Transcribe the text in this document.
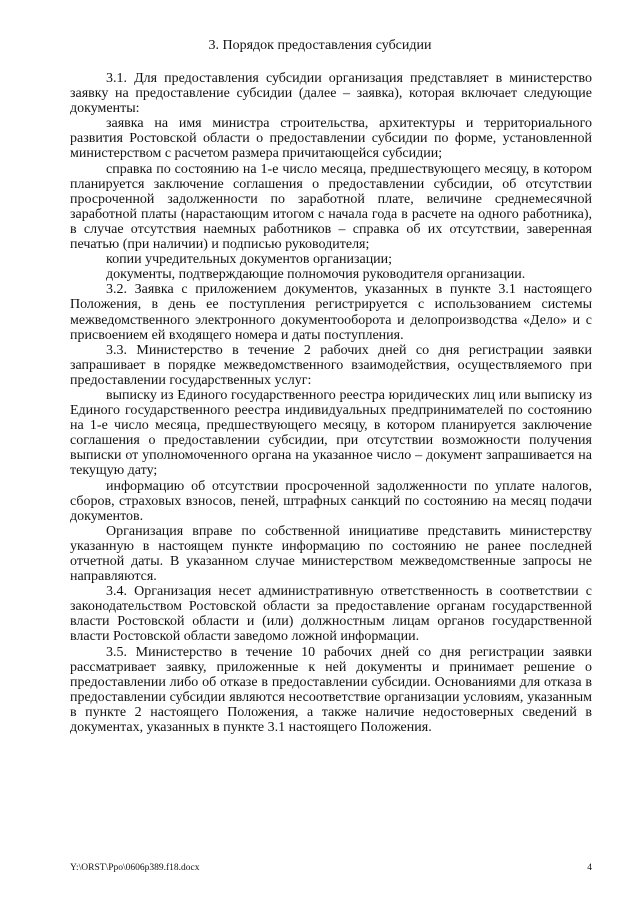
3. Порядок предоставления субсидии

3.1. Для предоставления субсидии организация представляет в министерство заявку на предоставление субсидии (далее – заявка), которая включает следующие документы:

заявка на имя министра строительства, архитектуры и территориального развития Ростовской области о предоставлении субсидии по форме, установленной министерством с расчетом размера причитающейся субсидии;

справка по состоянию на 1-е число месяца, предшествующего месяцу, в котором планируется заключение соглашения о предоставлении субсидии, об отсутствии просроченной задолженности по заработной плате, величине среднемесячной заработной платы (нарастающим итогом с начала года в расчете на одного работника), в случае отсутствия наемных работников – справка об их отсутствии, заверенная печатью (при наличии) и подписью руководителя;

копии учредительных документов организации;

документы, подтверждающие полномочия руководителя организации.

3.2. Заявка с приложением документов, указанных в пункте 3.1 настоящего Положения, в день ее поступления регистрируется с использованием системы межведомственного электронного документооборота и делопроизводства «Дело» и с присвоением ей входящего номера и даты поступления.

3.3. Министерство в течение 2 рабочих дней со дня регистрации заявки запрашивает в порядке межведомственного взаимодействия, осуществляемого при предоставлении государственных услуг:

выписку из Единого государственного реестра юридических лиц или выписку из Единого государственного реестра индивидуальных предпринимателей по состоянию на 1-е число месяца, предшествующего месяцу, в котором планируется заключение соглашения о предоставлении субсидии, при отсутствии возможности получения выписки от уполномоченного органа на указанное число – документ запрашивается на текущую дату;

информацию об отсутствии просроченной задолженности по уплате налогов, сборов, страховых взносов, пеней, штрафных санкций по состоянию на месяц подачи документов.

Организация вправе по собственной инициативе представить министерству указанную в настоящем пункте информацию по состоянию не ранее последней отчетной даты. В указанном случае министерством межведомственные запросы не направляются.

3.4. Организация несет административную ответственность в соответствии с законодательством Ростовской области за предоставление органам государственной власти Ростовской области и (или) должностным лицам органов государственной власти Ростовской области заведомо ложной информации.

3.5. Министерство в течение 10 рабочих дней со дня регистрации заявки рассматривает заявку, приложенные к ней документы и принимает решение о предоставлении либо об отказе в предоставлении субсидии. Основаниями для отказа в предоставлении субсидии являются несоответствие организации условиям, указанным в пункте 2 настоящего Положения, а также наличие недостоверных сведений в документах, указанных в пункте 3.1 настоящего Положения.

Y:\ORST\Ppo\0606p389.f18.docx	4
